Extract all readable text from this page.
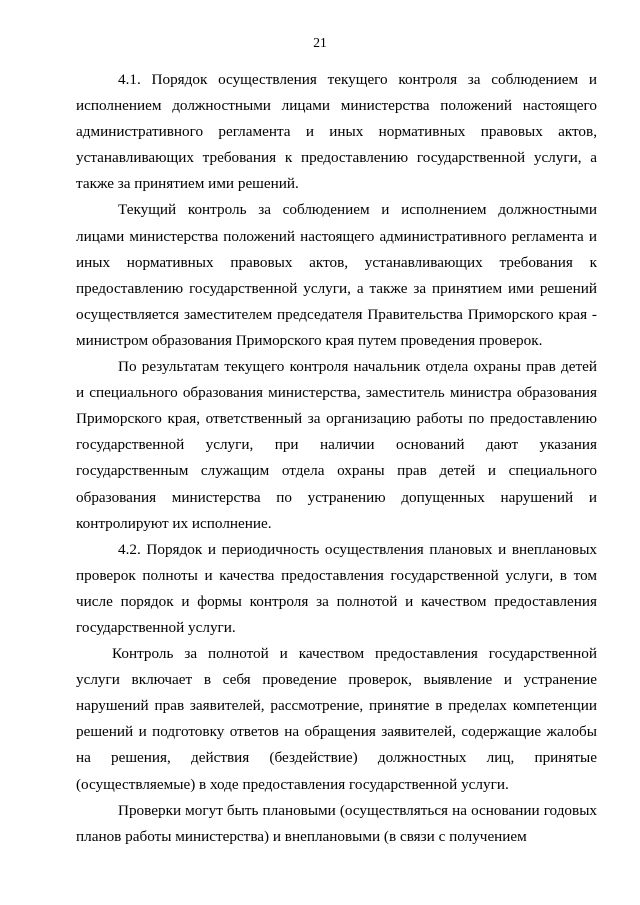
21

4.1. Порядок осуществления текущего контроля за соблюдением и исполнением должностными лицами министерства положений настоящего административного регламента и иных нормативных правовых актов, устанавливающих требования к предоставлению государственной услуги, а также за принятием ими решений.

Текущий контроль за соблюдением и исполнением должностными лицами министерства положений настоящего административного регламента и иных нормативных правовых актов, устанавливающих требования к предоставлению государственной услуги, а также за принятием ими решений осуществляется заместителем председателя Правительства Приморского края - министром образования Приморского края путем проведения проверок.

По результатам текущего контроля начальник отдела охраны прав детей и специального образования министерства, заместитель министра образования Приморского края, ответственный за организацию работы по предоставлению государственной услуги, при наличии оснований дают указания государственным служащим отдела охраны прав детей и специального образования министерства по устранению допущенных нарушений и контролируют их исполнение.

4.2. Порядок и периодичность осуществления плановых и внеплановых проверок полноты и качества предоставления государственной услуги, в том числе порядок и формы контроля за полнотой и качеством предоставления государственной услуги.

Контроль за полнотой и качеством предоставления государственной услуги включает в себя проведение проверок, выявление и устранение нарушений прав заявителей, рассмотрение, принятие в пределах компетенции решений и подготовку ответов на обращения заявителей, содержащие жалобы на решения, действия (бездействие) должностных лиц, принятые (осуществляемые) в ходе предоставления государственной услуги.

Проверки могут быть плановыми (осуществляться на основании годовых планов работы министерства) и внеплановыми (в связи с получением
